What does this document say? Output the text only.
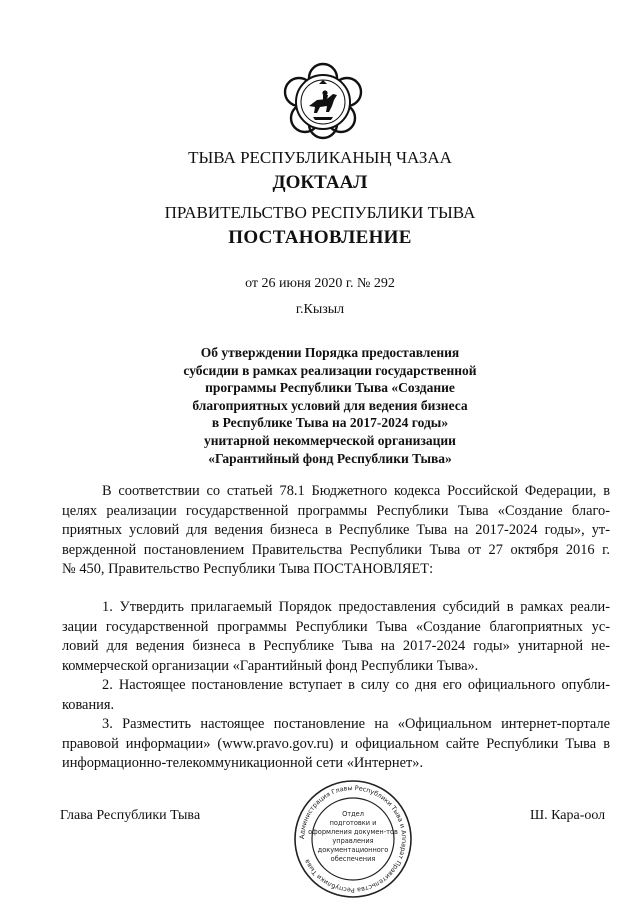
ТЫВА РЕСПУБЛИКАНЫҢ ЧАЗАА
ДОКТААЛ
ПРАВИТЕЛЬСТВО РЕСПУБЛИКИ ТЫВА
ПОСТАНОВЛЕНИЕ
от 26 июня 2020 г. № 292
г.Кызыл
Об утверждении Порядка предоставления
субсидии в рамках реализации государственной
программы Республики Тыва «Создание
благоприятных условий для ведения бизнеса
в Республике Тыва на 2017-2024 годы»
унитарной некоммерческой организации
«Гарантийный фонд Республики Тыва»
В соответствии со статьей 78.1 Бюджетного кодекса Российской Федерации, в
целях реализации государственной программы Республики Тыва «Создание благо-
приятных условий для ведения бизнеса в Республике Тыва на 2017-2024 годы», ут-
вержденной постановлением Правительства Республики Тыва от 27 октября 2016 г.
№ 450, Правительство Республики Тыва ПОСТАНОВЛЯЕТ:
1. Утвердить прилагаемый Порядок предоставления субсидий в рамках реали-
зации государственной программы Республики Тыва «Создание благоприятных ус-
ловий для ведения бизнеса в Республике Тыва на 2017-2024 годы» унитарной не-
коммерческой организации «Гарантийный фонд Республики Тыва».
2. Настоящее постановление вступает в силу со дня его официального опубли-
кования.
3. Разместить настоящее постановление на «Официальном интернет-портале
правовой информации» (www.pravo.gov.ru) и официальном сайте Республики Тыва в
информационно-телекоммуникационной сети «Интернет».
Глава Республики Тывa	Ш. Кара-оол
Администрация Главы Республики Тыва и Аппарат Правительства Республики Тыва
Отдел
подготовки и
оформления докумен-тов
управления
документационного
обеспечения
